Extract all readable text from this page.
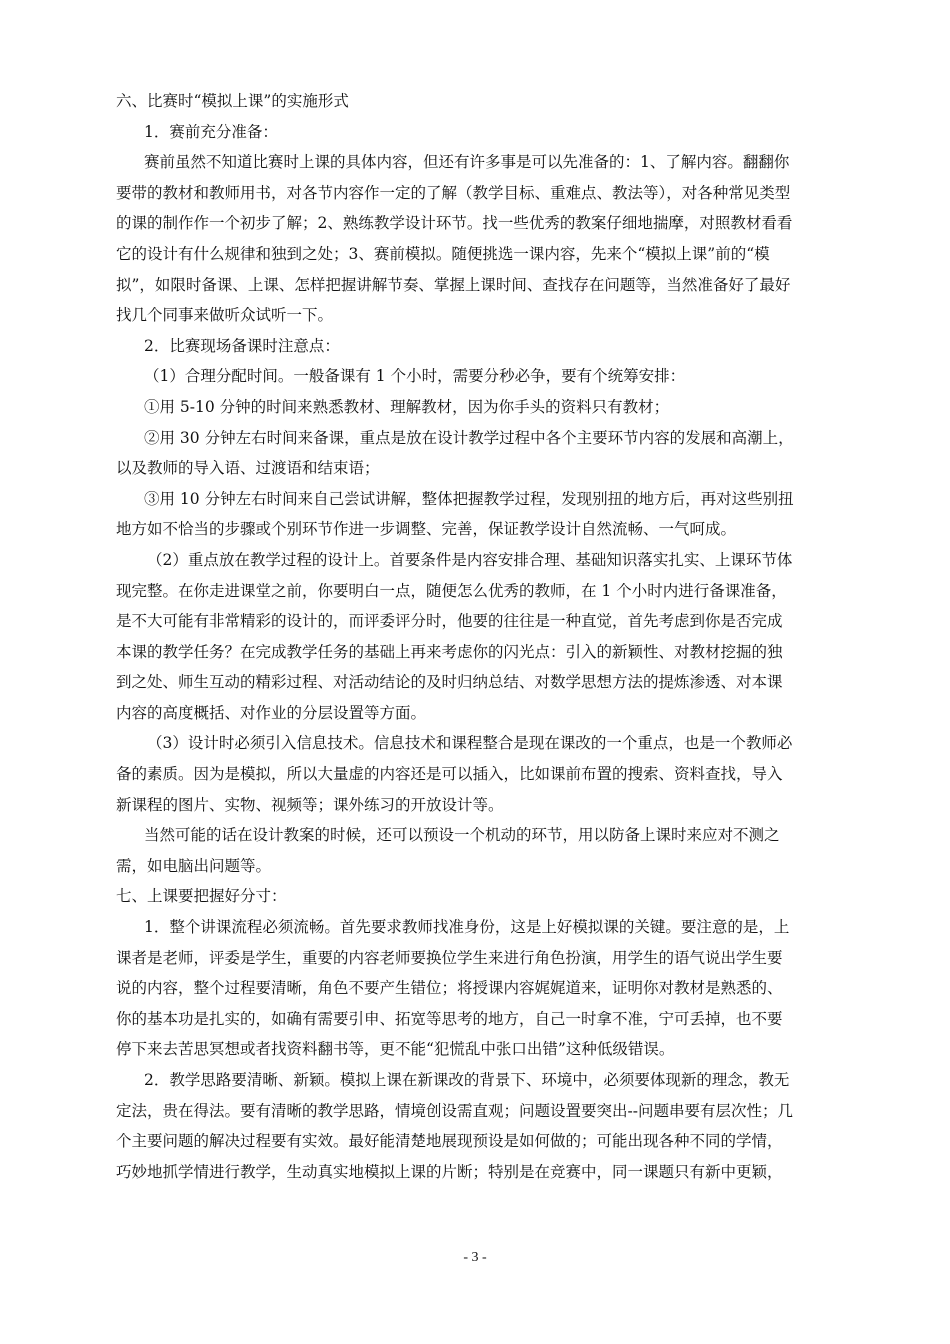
六、比赛时“模拟上课”的实施形式
1．赛前充分准备：
赛前虽然不知道比赛时上课的具体内容，但还有许多事是可以先准备的：1、了解内容。翻翻你
要带的教材和教师用书，对各节内容作一定的了解（教学目标、重难点、教法等），对各种常见类型
的课的制作作一个初步了解；2、熟练教学设计环节。找一些优秀的教案仔细地揣摩，对照教材看看
它的设计有什么规律和独到之处；3、赛前模拟。随便挑选一课内容，先来个“模拟上课”前的“模
拟”，如限时备课、上课、怎样把握讲解节奏、掌握上课时间、查找存在问题等，当然准备好了最好
找几个同事来做听众试听一下。
2．比赛现场备课时注意点：
（1）合理分配时间。一般备课有 1 个小时，需要分秒必争，要有个统筹安排：
①用 5-10 分钟的时间来熟悉教材、理解教材，因为你手头的资料只有教材；
②用 30 分钟左右时间来备课，重点是放在设计教学过程中各个主要环节内容的发展和高潮上，
以及教师的导入语、过渡语和结束语；
③用 10 分钟左右时间来自己尝试讲解，整体把握教学过程，发现别扭的地方后，再对这些别扭
地方如不恰当的步骤或个别环节作进一步调整、完善，保证教学设计自然流畅、一气呵成。
（2）重点放在教学过程的设计上。首要条件是内容安排合理、基础知识落实扎实、上课环节体
现完整。在你走进课堂之前，你要明白一点，随便怎么优秀的教师，在 1 个小时内进行备课准备，
是不大可能有非常精彩的设计的，而评委评分时，他要的往往是一种直觉，首先考虑到你是否完成
本课的教学任务？在完成教学任务的基础上再来考虑你的闪光点：引入的新颖性、对教材挖掘的独
到之处、师生互动的精彩过程、对活动结论的及时归纳总结、对数学思想方法的提炼渗透、对本课
内容的高度概括、对作业的分层设置等方面。
（3）设计时必须引入信息技术。信息技术和课程整合是现在课改的一个重点，也是一个教师必
备的素质。因为是模拟，所以大量虚的内容还是可以插入，比如课前布置的搜索、资料查找，导入
新课程的图片、实物、视频等；课外练习的开放设计等。
当然可能的话在设计教案的时候，还可以预设一个机动的环节，用以防备上课时来应对不测之
需，如电脑出问题等。
七、上课要把握好分寸：
1．整个讲课流程必须流畅。首先要求教师找准身份，这是上好模拟课的关键。要注意的是，上
课者是老师，评委是学生，重要的内容老师要换位学生来进行角色扮演，用学生的语气说出学生要
说的内容，整个过程要清晰，角色不要产生错位；将授课内容娓娓道来，证明你对教材是熟悉的、
你的基本功是扎实的，如确有需要引申、拓宽等思考的地方，自己一时拿不准，宁可丢掉，也不要
停下来去苦思冥想或者找资料翻书等，更不能“犯慌乱中张口出错”这种低级错误。
2．教学思路要清晰、新颖。模拟上课在新课改的背景下、环境中，必须要体现新的理念，教无
定法，贵在得法。要有清晰的教学思路，情境创设需直观；问题设置要突出--问题串要有层次性；几
个主要问题的解决过程要有实效。最好能清楚地展现预设是如何做的；可能出现各种不同的学情，
巧妙地抓学情进行教学，生动真实地模拟上课的片断；特别是在竞赛中，同一课题只有新中更颖，
- 3 -
